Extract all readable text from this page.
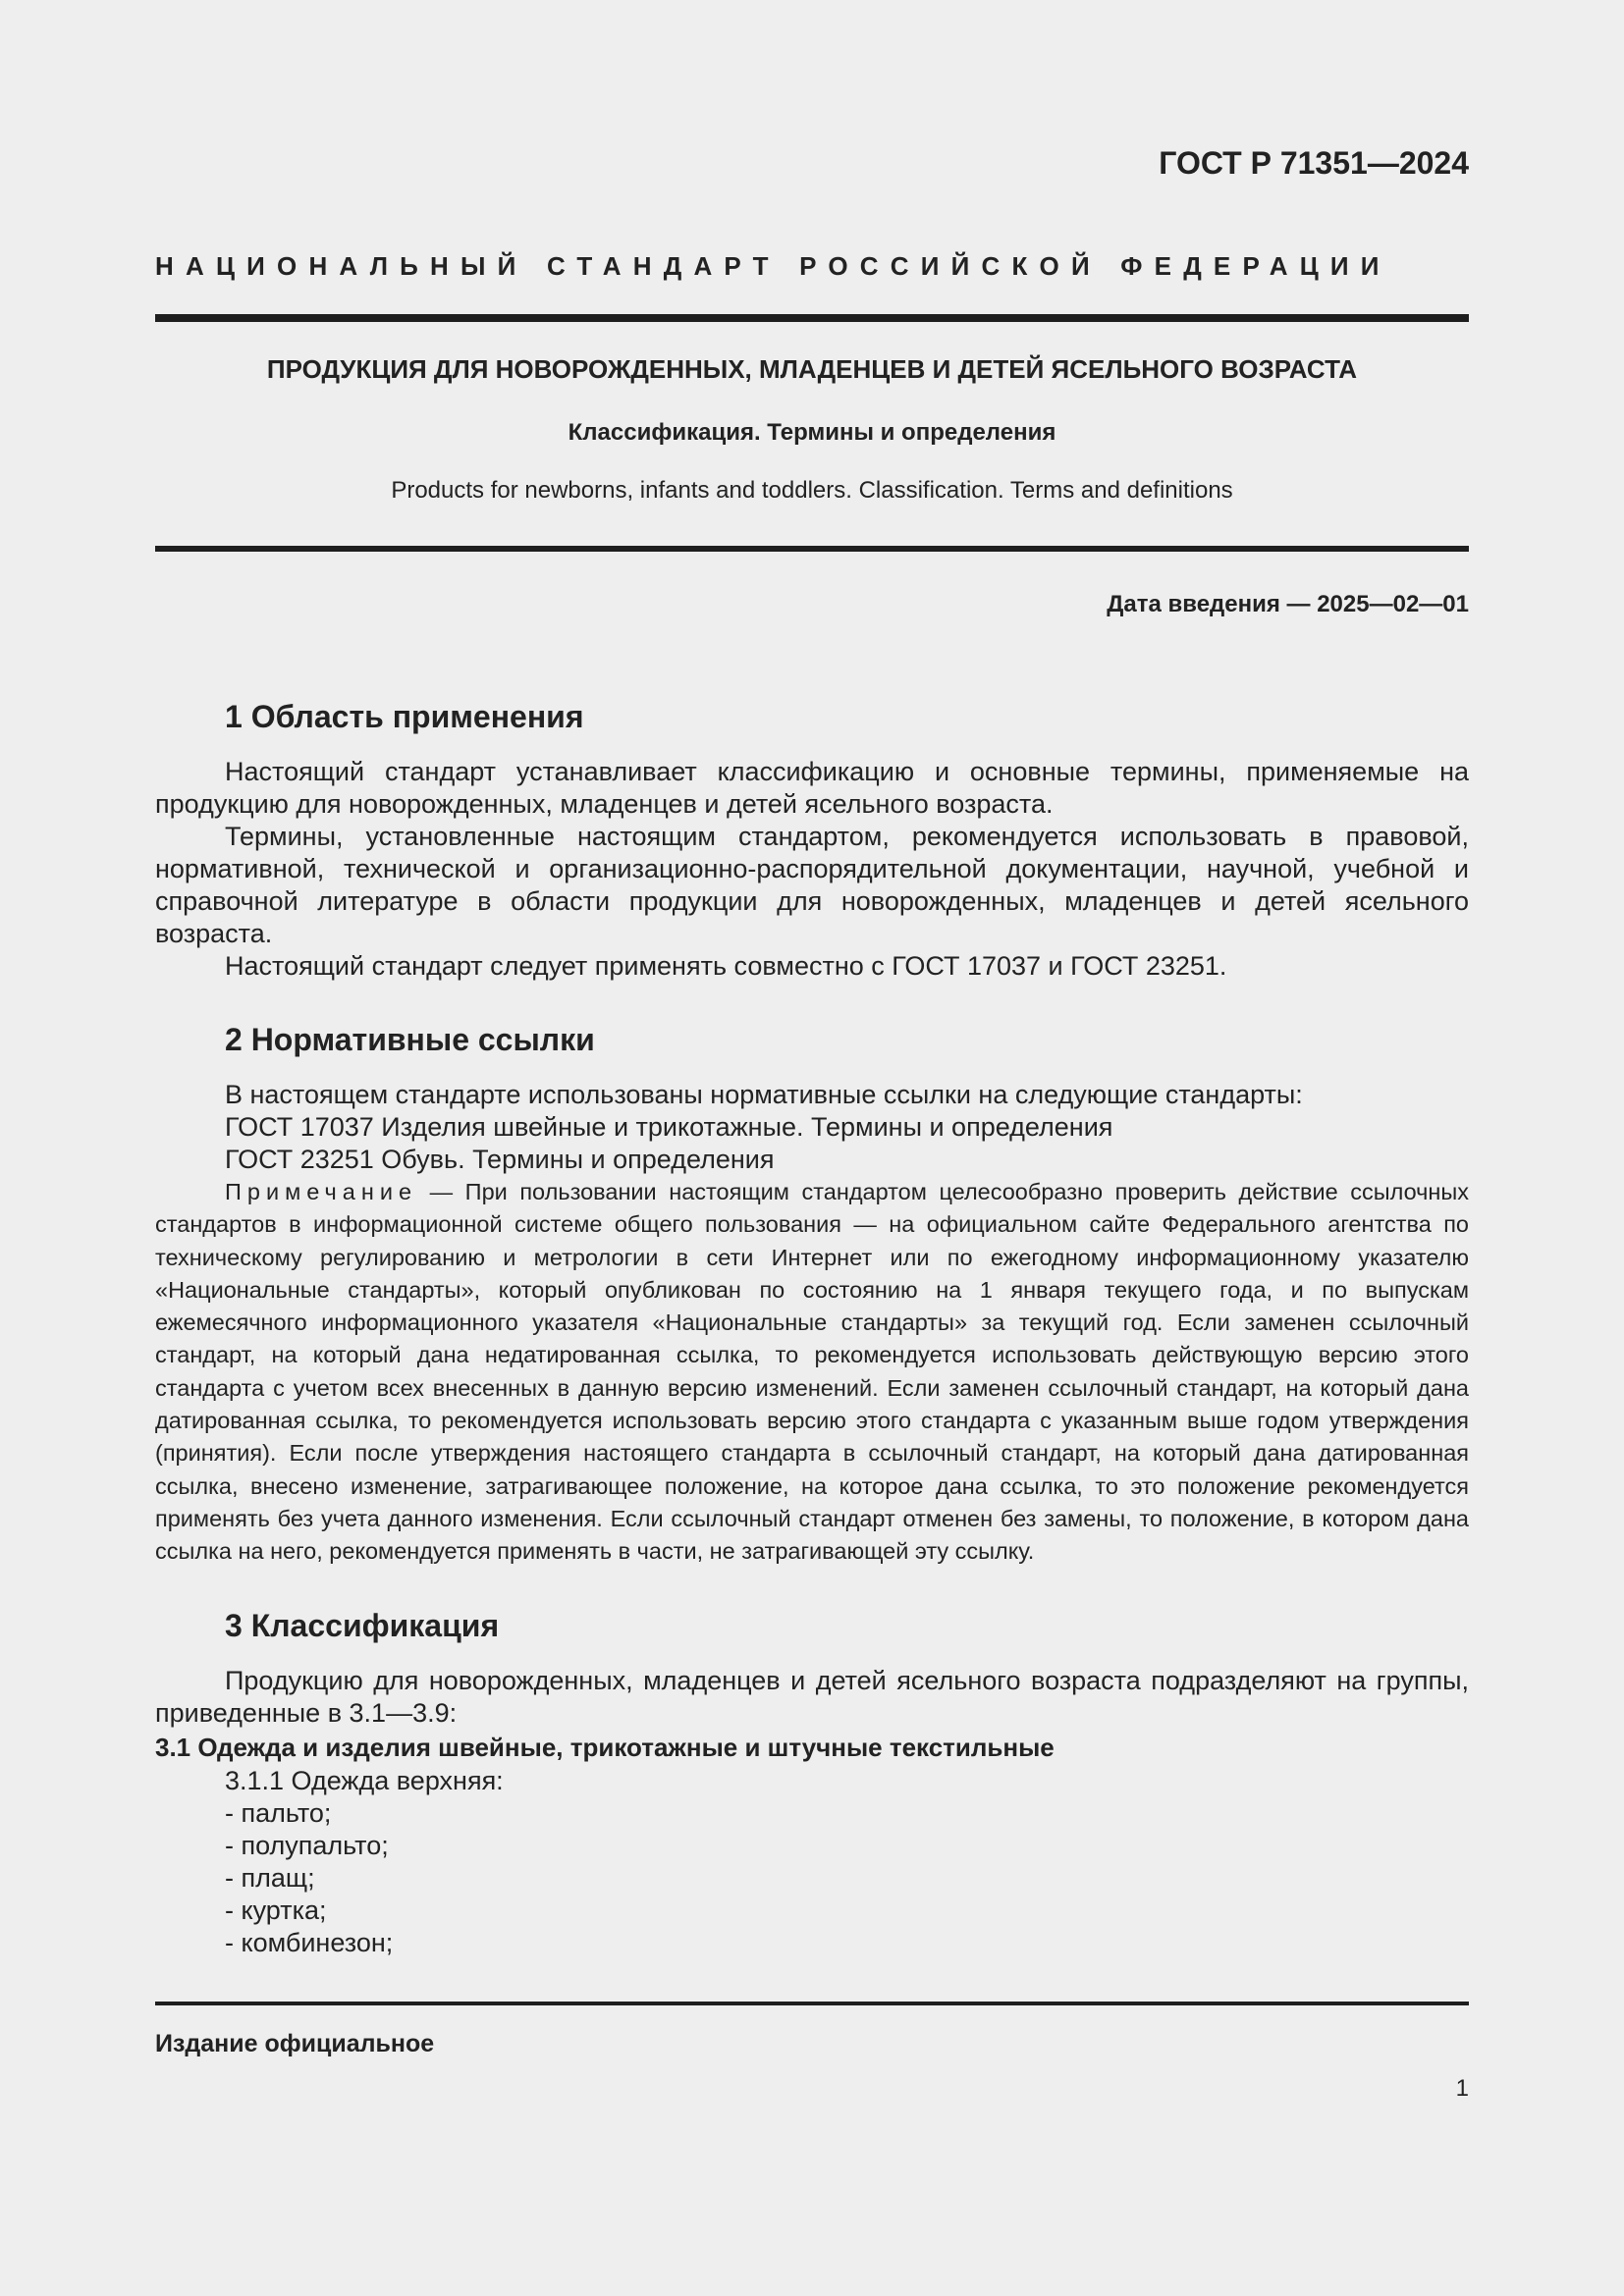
ГОСТ Р 71351—2024

НАЦИОНАЛЬНЫЙ СТАНДАРТ РОССИЙСКОЙ ФЕДЕРАЦИИ

ПРОДУКЦИЯ ДЛЯ НОВОРОЖДЕННЫХ, МЛАДЕНЦЕВ И ДЕТЕЙ ЯСЕЛЬНОГО ВОЗРАСТА

Классификация. Термины и определения

Products for newborns, infants and toddlers. Classification. Terms and definitions

Дата введения — 2025—02—01

1 Область применения

Настоящий стандарт устанавливает классификацию и основные термины, применяемые на продукцию для новорожденных, младенцев и детей ясельного возраста.

Термины, установленные настоящим стандартом, рекомендуется использовать в правовой, нормативной, технической и организационно-распорядительной документации, научной, учебной и справочной литературе в области продукции для новорожденных, младенцев и детей ясельного возраста.

Настоящий стандарт следует применять совместно с ГОСТ 17037 и ГОСТ 23251.

2 Нормативные ссылки

В настоящем стандарте использованы нормативные ссылки на следующие стандарты:

ГОСТ 17037 Изделия швейные и трикотажные. Термины и определения

ГОСТ 23251 Обувь. Термины и определения

Примечание — При пользовании настоящим стандартом целесообразно проверить действие ссылочных стандартов в информационной системе общего пользования — на официальном сайте Федерального агентства по техническому регулированию и метрологии в сети Интернет или по ежегодному информационному указателю «Национальные стандарты», который опубликован по состоянию на 1 января текущего года, и по выпускам ежемесячного информационного указателя «Национальные стандарты» за текущий год. Если заменен ссылочный стандарт, на который дана недатированная ссылка, то рекомендуется использовать действующую версию этого стандарта с учетом всех внесенных в данную версию изменений. Если заменен ссылочный стандарт, на который дана датированная ссылка, то рекомендуется использовать версию этого стандарта с указанным выше годом утверждения (принятия). Если после утверждения настоящего стандарта в ссылочный стандарт, на который дана датированная ссылка, внесено изменение, затрагивающее положение, на которое дана ссылка, то это положение рекомендуется применять без учета данного изменения. Если ссылочный стандарт отменен без замены, то положение, в котором дана ссылка на него, рекомендуется применять в части, не затрагивающей эту ссылку.

3 Классификация

Продукцию для новорожденных, младенцев и детей ясельного возраста подразделяют на группы, приведенные в 3.1—3.9:

3.1 Одежда и изделия швейные, трикотажные и штучные текстильные

3.1.1 Одежда верхняя:

- пальто;

- полупальто;

- плащ;

- куртка;

- комбинезон;

Издание официальное

1
